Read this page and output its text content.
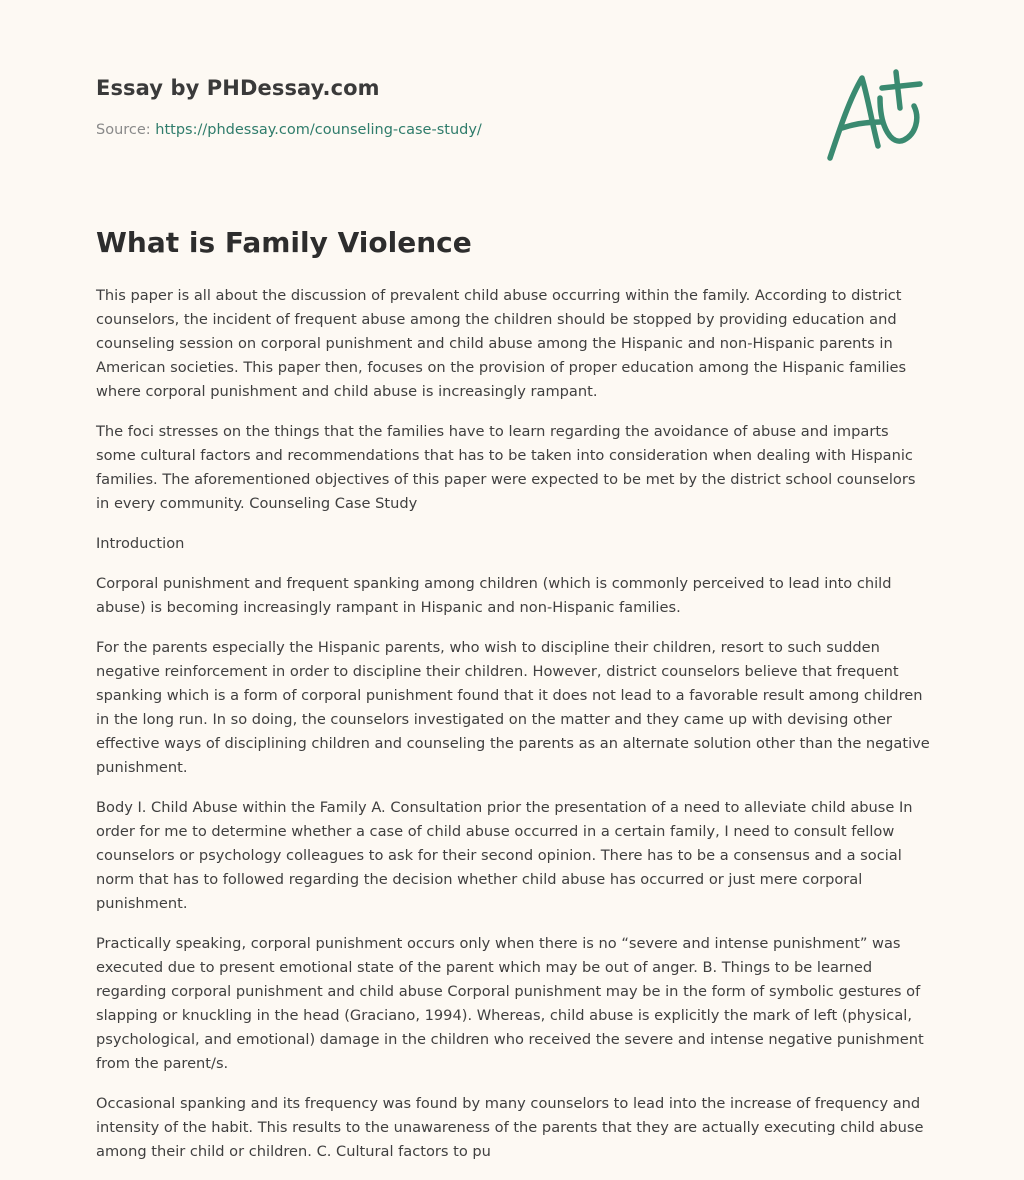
Essay by PHDessay.com
Source: https://phdessay.com/counseling-case-study/
What is Family Violence

This paper is all about the discussion of prevalent child abuse occurring within the family. According to district counselors, the incident of frequent abuse among the children should be stopped by providing education and counseling session on corporal punishment and child abuse among the Hispanic and non-Hispanic parents in American societies. This paper then, focuses on the provision of proper education among the Hispanic families where corporal punishment and child abuse is increasingly rampant.

The foci stresses on the things that the families have to learn regarding the avoidance of abuse and imparts some cultural factors and recommendations that has to be taken into consideration when dealing with Hispanic families. The aforementioned objectives of this paper were expected to be met by the district school counselors in every community. Counseling Case Study

Introduction

Corporal punishment and frequent spanking among children (which is commonly perceived to lead into child abuse) is becoming increasingly rampant in Hispanic and non-Hispanic families.

For the parents especially the Hispanic parents, who wish to discipline their children, resort to such sudden negative reinforcement in order to discipline their children. However, district counselors believe that frequent spanking which is a form of corporal punishment found that it does not lead to a favorable result among children in the long run. In so doing, the counselors investigated on the matter and they came up with devising other effective ways of disciplining children and counseling the parents as an alternate solution other than the negative punishment.

Body I. Child Abuse within the Family A. Consultation prior the presentation of a need to alleviate child abuse In order for me to determine whether a case of child abuse occurred in a certain family, I need to consult fellow counselors or psychology colleagues to ask for their second opinion. There has to be a consensus and a social norm that has to followed regarding the decision whether child abuse has occurred or just mere corporal punishment.

Practically speaking, corporal punishment occurs only when there is no “severe and intense punishment” was executed due to present emotional state of the parent which may be out of anger. B. Things to be learned regarding corporal punishment and child abuse Corporal punishment may be in the form of symbolic gestures of slapping or knuckling in the head (Graciano, 1994). Whereas, child abuse is explicitly the mark of left (physical, psychological, and emotional) damage in the children who received the severe and intense negative punishment from the parent/s.

Occasional spanking and its frequency was found by many counselors to lead into the increase of frequency and intensity of the habit. This results to the unawareness of the parents that they are actually executing child abuse among their child or children. C. Cultural factors to pu
